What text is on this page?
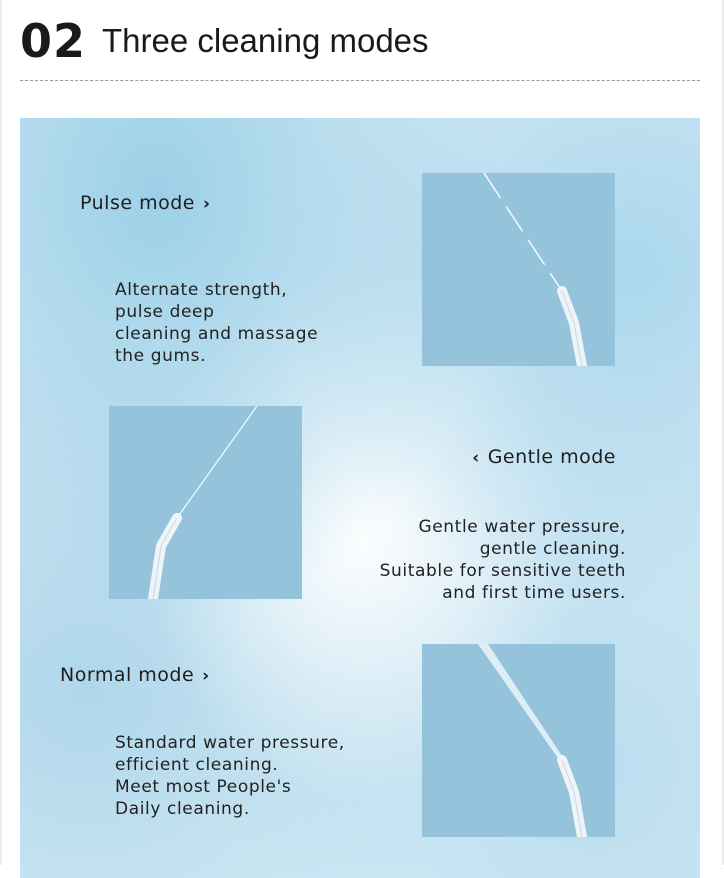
02 Three cleaning modes
Pulse mode ›
Alternate strength,
pulse deep
cleaning and massage
the gums.
‹ Gentle mode
Gentle water pressure,
gentle cleaning.
Suitable for sensitive teeth
and first time users.
Normal mode ›
Standard water pressure,
efficient cleaning.
Meet most People's
Daily cleaning.
